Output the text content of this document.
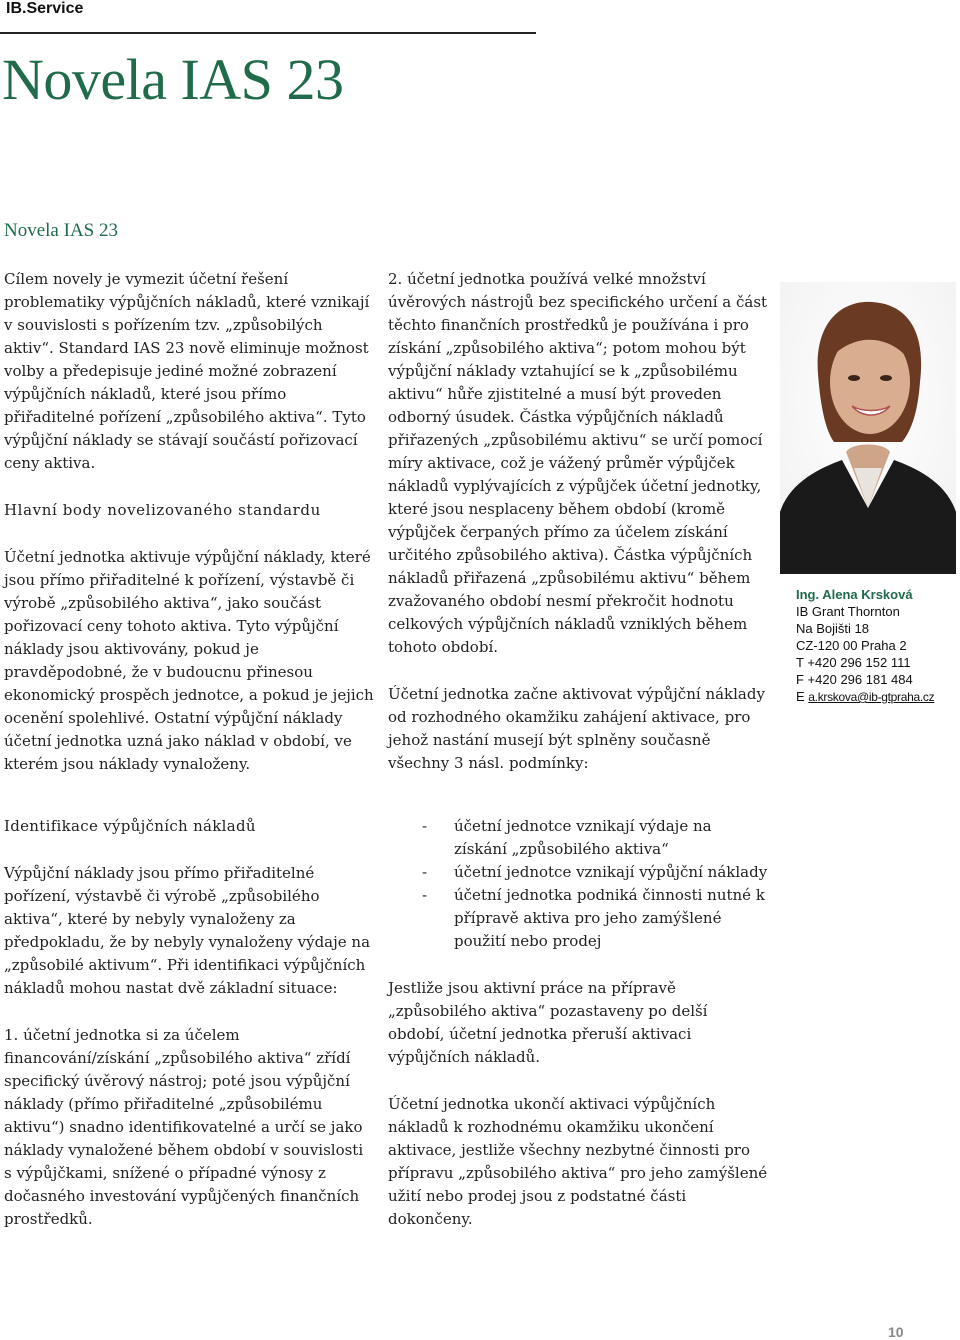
IB.Service
Novela IAS 23
Novela IAS 23

Cílem novely je vymezit účetní řešení problematiky výpůjčních nákladů, které vznikají v souvislosti s pořízením tzv. „způsobilých aktiv“. Standard IAS 23 nově eliminuje možnost volby a předepisuje jediné možné zobrazení výpůjčních nákladů, které jsou přímo přiřaditelné pořízení „způsobilého aktiva“. Tyto výpůjční náklady se stávají součástí pořizovací ceny aktiva.

Hlavní body novelizovaného standardu

Účetní jednotka aktivuje výpůjční náklady, které jsou přímo přiřaditelné k pořízení, výstavbě či výrobě „způsobilého aktiva“, jako součást pořizovací ceny tohoto aktiva. Tyto výpůjční náklady jsou aktivovány, pokud je pravděpodobné, že v budoucnu přinesou ekonomický prospěch jednotce, a pokud je jejich ocenění spolehlivé. Ostatní výpůjční náklady účetní jednotka uzná jako náklad v období, ve kterém jsou náklady vynaloženy.

Identifikace výpůjčních nákladů

Výpůjční náklady jsou přímo přiřaditelné pořízení, výstavbě či výrobě „způsobilého aktiva“, které by nebyly vynaloženy za předpokladu, že by nebyly vynaloženy výdaje na „způsobilé aktivum“. Při identifikaci výpůjčních nákladů mohou nastat dvě základní situace:

1. účetní jednotka si za účelem financování/získání „způsobilého aktiva“ zřídí specifický úvěrový nástroj; poté jsou výpůjční náklady (přímo přiřaditelné „způsobilému aktivu“) snadno identifikovatelné a určí se jako náklady vynaložené během období v souvislosti s výpůjčkami, snížené o případné výnosy z dočasného investování vypůjčených finančních prostředků.

2. účetní jednotka používá velké množství úvěrových nástrojů bez specifického určení a část těchto finančních prostředků je používána i pro získání „způsobilého aktiva“; potom mohou být výpůjční náklady vztahující se k „způsobilému aktivu“ hůře zjistitelné a musí být proveden odborný úsudek. Částka výpůjčních nákladů přiřazených „způsobilému aktivu“ se určí pomocí míry aktivace, což je vážený průměr výpůjček nákladů vyplývajících z výpůjček účetní jednotky, které jsou nesplaceny během období (kromě výpůjček čerpaných přímo za účelem získání určitého způsobilého aktiva). Částka výpůjčních nákladů přiřazená „způsobilému aktivu“ během zvažovaného období nesmí překročit hodnotu celkových výpůjčních nákladů vzniklých během tohoto období.

Účetní jednotka začne aktivovat výpůjční náklady od rozhodného okamžiku zahájení aktivace, pro jehož nastání musejí být splněny současně všechny 3 násl. podmínky:

- účetní jednotce vznikají výdaje na získání „způsobilého aktiva“
- účetní jednotce vznikají výpůjční náklady
- účetní jednotka podniká činnosti nutné k přípravě aktiva pro jeho zamýšlené použití nebo prodej

Jestliže jsou aktivní práce na přípravě „způsobilého aktiva“ pozastaveny po delší období, účetní jednotka přeruší aktivaci výpůjčních nákladů.

Účetní jednotka ukončí aktivaci výpůjčních nákladů k rozhodnému okamžiku ukončení aktivace, jestliže všechny nezbytné činnosti pro přípravu „způsobilého aktiva“ pro jeho zamýšlené užití nebo prodej jsou z podstatné části dokončeny.

Ing. Alena Krsková
IB Grant Thornton
Na Bojišti 18
CZ-120 00 Praha 2
T +420 296 152 111
F +420 296 181 484
E a.krskova@ib-gtpraha.cz
10
